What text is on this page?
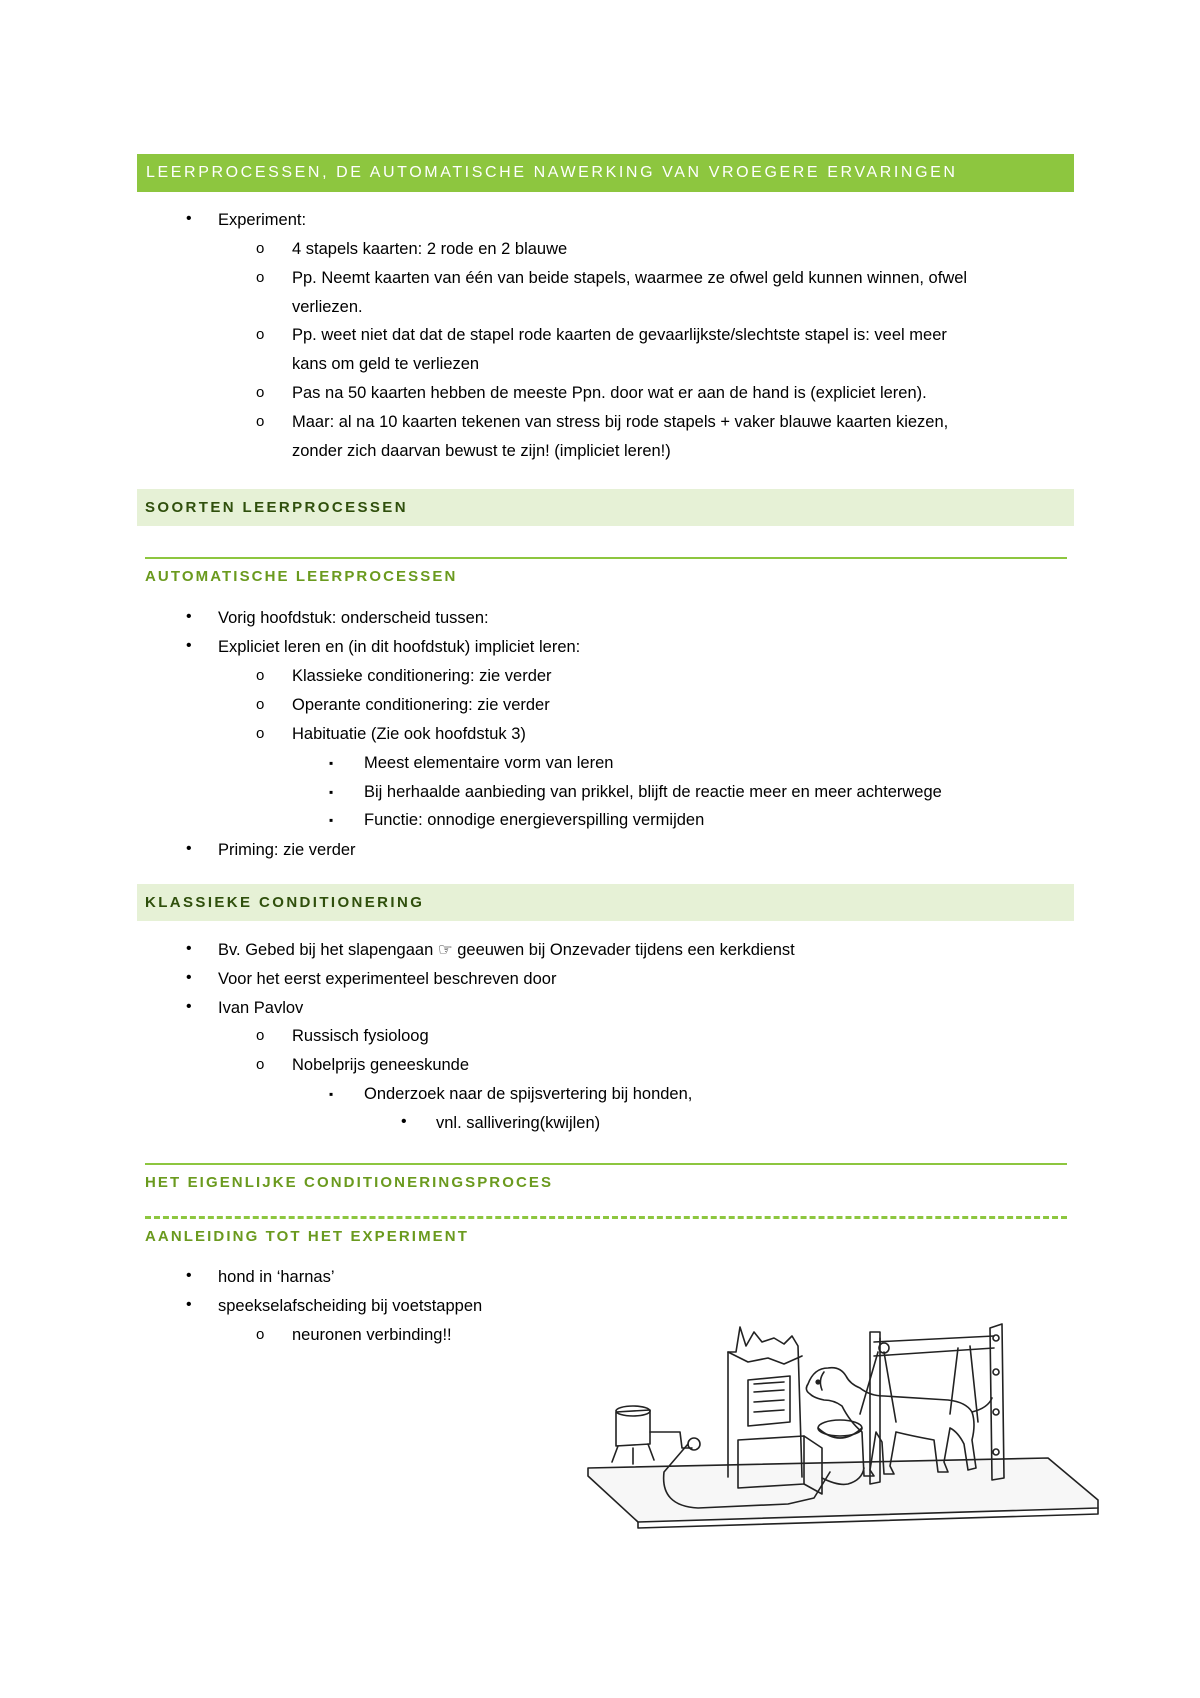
LEERPROCESSEN, DE AUTOMATISCHE NAWERKING VAN VROEGERE ERVARINGEN
• Experiment:
o 4 stapels kaarten: 2 rode en 2 blauwe
o Pp. Neemt kaarten van één van beide stapels, waarmee ze ofwel geld kunnen winnen, ofwel
verliezen.
o Pp. weet niet dat dat de stapel rode kaarten de gevaarlijkste/slechtste stapel is: veel meer
kans om geld te verliezen
o Pas na 50 kaarten hebben de meeste Ppn. door wat er aan de hand is (expliciet leren).
o Maar: al na 10 kaarten tekenen van stress bij rode stapels + vaker blauwe kaarten kiezen,
zonder zich daarvan bewust te zijn! (impliciet leren!)
SOORTEN LEERPROCESSEN
AUTOMATISCHE LEERPROCESSEN
• Vorig hoofdstuk: onderscheid tussen:
• Expliciet leren en (in dit hoofdstuk) impliciet leren:
o Klassieke conditionering: zie verder
o Operante conditionering: zie verder
o Habituatie (Zie ook hoofdstuk 3)
▪ Meest elementaire vorm van leren
▪ Bij herhaalde aanbieding van prikkel, blijft de reactie meer en meer achterwege
▪ Functie: onnodige energieverspilling vermijden
• Priming: zie verder
KLASSIEKE CONDITIONERING
• Bv. Gebed bij het slapengaan ☞ geeuwen bij Onzevader tijdens een kerkdienst
• Voor het eerst experimenteel beschreven door
• Ivan Pavlov
o Russisch fysioloog
o Nobelprijs geneeskunde
▪ Onderzoek naar de spijsvertering bij honden,
• vnl. sallivering(kwijlen)
HET EIGENLIJKE CONDITIONERINGSPROCES
AANLEIDING TOT HET EXPERIMENT
• hond in ‘harnas’
• speekselafscheiding bij voetstappen
o neuronen verbinding!!
